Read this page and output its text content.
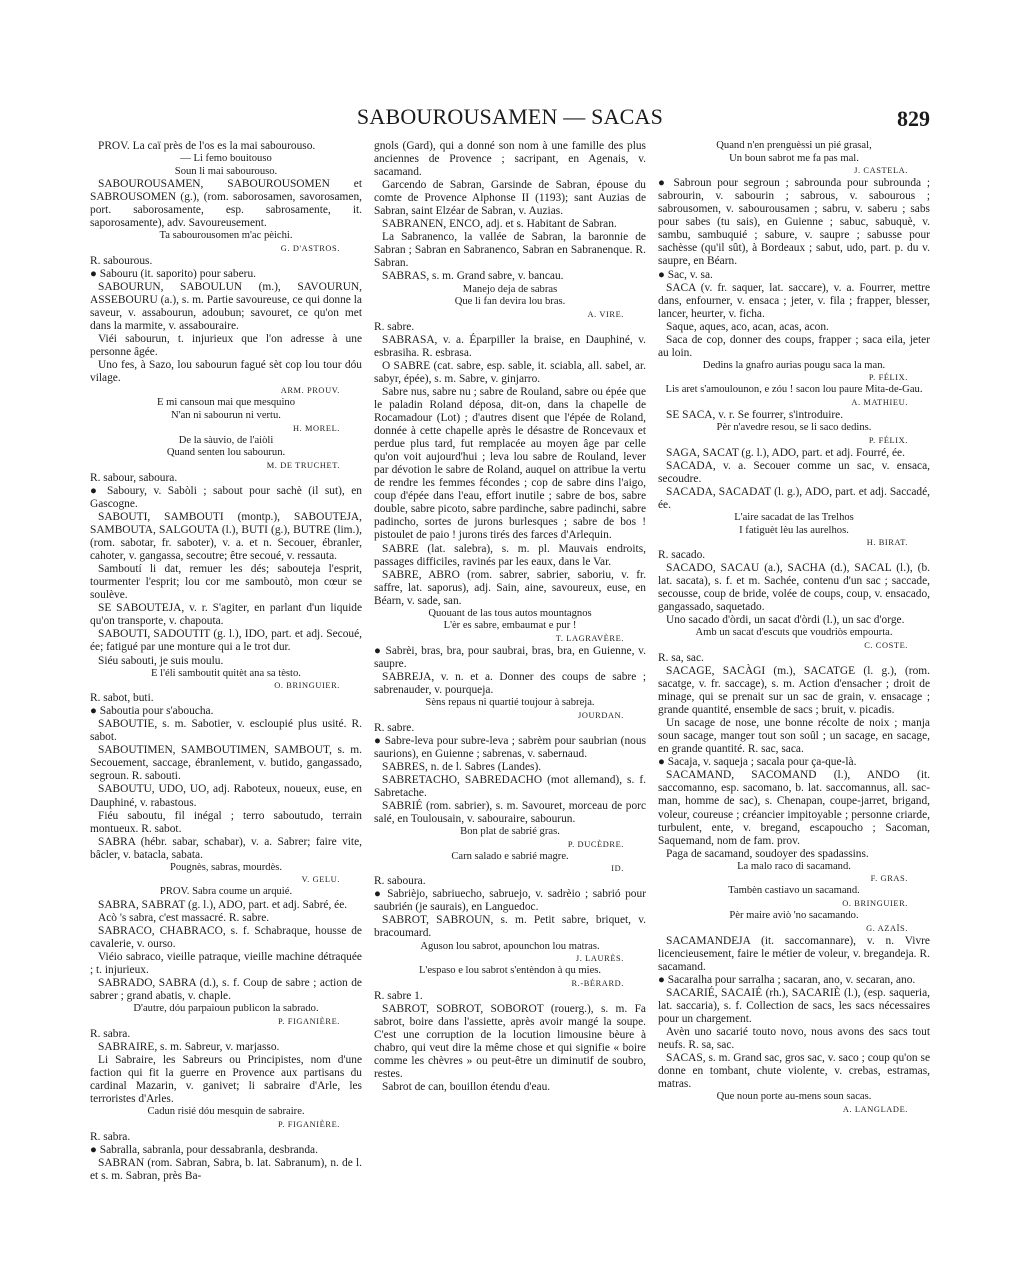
SABOUROUSAMEN — SACAS	829

PROV. La caï près de l'os es la mai sabourouso.

— Li femo bouitouso

Soun li mai sabourouso.

SABOUROUSAMEN, SABOUROUSOMEN et SABROUSOMEN (g.), (rom. saborosamen, savorosamen, port. saborosamente, esp. sabrosamente, it. saporosamente), adv. Savoureusement.

Ta sabourousomen m'ac pèichi.

G. D'ASTROS.

R. sabourous.

● Sabouru (it. saporito) pour saberu.

SABOURUN, SABOULUN (m.), SAVOURUN, ASSEBOURU (a.), s. m. Partie savoureuse, ce qui donne la saveur, v. assabourun, adoubun; savouret, ce qu'on met dans la marmite, v. assabouraire.

Viéi sabourun, t. injurieux que l'on adresse à une personne âgée.

Uno fes, à Sazo, lou sabourun fagué sèt cop lou tour dóu vilage.

ARM. PROUV.

E mi cansoun mai que mesquino

N'an ni sabourun ni vertu.

H. MOREL.

De la sàuvio, de l'aiòli

Quand senten lou sabourun.

M. DE TRUCHET.

R. sabour, saboura.

● Saboury, v. Sabòli ; sabout pour sachè (il sut), en Gascogne.

SABOUTI, SAMBOUTI (montp.), SABOUTEJA, SAMBOUTA, SALGOUTA (l.), BUTI (g.), BUTRE (lim.), (rom. sabotar, fr. saboter), v. a. et n. Secouer, ébranler, cahoter, v. gangassa, secoutre; être secoué, v. ressauta.

Samboutí li dat, remuer les dés; sabouteja l'esprit, tourmenter l'esprit; lou cor me samboutò, mon cœur se soulève.

SE SABOUTEJA, v. r. S'agiter, en parlant d'un liquide qu'on transporte, v. chapouta.

SABOUTI, SADOUTIT (g. l.), IDO, part. et adj. Secoué, ée; fatigué par une monture qui a le trot dur.

Siéu sabouti, je suis moulu.

E l'éli samboutit quitèt ana sa tèsto.

O. BRINGUIER.

R. sabot, buti.

● Saboutia pour s'abouchа.

SABOUTIE, s. m. Sabotier, v. escloupié plus usité. R. sabot.

SABOUTIMEN, SAMBOUTIMEN, SAMBOUT, s. m. Secouement, saccage, ébranlement, v. butido, gangassado, segroun. R. sabouti.

SABOUTU, UDO, UO, adj. Raboteux, noueux, euse, en Dauphiné, v. rabastous.

Fiéu saboutu, fil inégal ; terro saboutudo, terrain montueux. R. sabot.

SABRA (hébr. sabar, schabar), v. a. Sabrer; faire vite, bâcler, v. batacla, sabata.

Pougnès, sabras, mourdès.

V. GELU.

PROV. Sabra coume un arquié.

SABRA, SABRAT (g. l.), ADO, part. et adj. Sabré, ée.

Acò 's sabra, c'est massacré. R. sabre.

SABRACO, CHABRACO, s. f. Schabraque, housse de cavalerie, v. ourso.

Viéio sabraco, vieille patraque, vieille machine détraquée ; t. injurieux.

SABRADO, SABRA (d.), s. f. Coup de sabre ; action de sabrer ; grand abatis, v. chaple.

D'autre, dóu parpaioun publicon la sabrado.

P. FIGANIÈRE.

R. sabra.

SABRAIRE, s. m. Sabreur, v. marjasso.

Li Sabraire, les Sabreurs ou Principistes, nom d'une faction qui fit la guerre en Provence aux partisans du cardinal Mazarin, v. ganivet; li sabraire d'Arle, les terroristes d'Arles.

Cadun risié dóu mesquin de sabraire.

P. FIGANIÈRE.

R. sabra.

● Sabralla, sabranla, pour dessabranla, desbranda.

SABRAN (rom. Sabran, Sabra, b. lat. Sabranum), n. de l. et s. m. Sabran, près Ba-

gnols (Gard), qui a donné son nom à une famille des plus anciennes de Provence ; sacripant, en Agenais, v. sacamand.

Garcendo de Sabran, Garsinde de Sabran, épouse du comte de Provence Alphonse II (1193); sant Auzias de Sabran, saint Elzéar de Sabran, v. Auzias.

SABRANEN, ENCO, adj. et s. Habitant de Sabran.

La Sabranenco, la vallée de Sabran, la baronnie de Sabran ; Sabran en Sabranenco, Sabran en Sabranenque. R. Sabran.

SABRAS, s. m. Grand sabre, v. bancau.

Manejo deja de sabras

Que li fan devira lou bras.

A. VIRE.

R. sabre.

SABRASA, v. a. Éparpiller la braise, en Dauphiné, v. esbrasiha. R. esbrasa.

O SABRE (cat. sabre, esp. sable, it. sciabla, all. sabel, ar. sabyr, épée), s. m. Sabre, v. ginjarro.

Sabre nus, sabre nu ; sabre de Rouland, sabre ou épée que le paladin Roland déposa, dit-on, dans la chapelle de Rocamadour (Lot) ; d'autres disent que l'épée de Roland, donnée à cette chapelle après le désastre de Roncevaux et perdue plus tard, fut remplacée au moyen âge par celle qu'on voit aujourd'hui ; leva lou sabre de Rouland, lever par dévotion le sabre de Roland, auquel on attribue la vertu de rendre les femmes fécondes ; cop de sabre dins l'aigo, coup d'épée dans l'eau, effort inutile ; sabre de bos, sabre double, sabre picoto, sabre pardinche, sabre padinchi, sabre padincho, sortes de jurons burlesques ; sabre de bos ! pistoulet de paio ! jurons tirés des farces d'Arlequin.

SABRE (lat. salebra), s. m. pl. Mauvais endroits, passages difficiles, ravinés par les eaux, dans le Var.

SABRE, ABRO (rom. sabrer, sabrier, saboriu, v. fr. saffre, lat. saporus), adj. Sain, aine, savoureux, euse, en Béarn, v. sade, san.

Quouant de las tous autos mountagnos

L'èr es sabre, embaumat e pur !

T. LAGRAVÈRE.

● Sabrèi, bras, bra, pour saubrai, bras, bra, en Guienne, v. saupre.

SABREJA, v. n. et a. Donner des coups de sabre ; sabrenauder, v. pourqueja.

Sèns repaus ni quartié toujour à sabreja.

JOURDAN.

R. sabre.

● Sabre-leva pour subre-leva ; sabrèm pour saubrian (nous saurions), en Guienne ; sabrenas, v. sabernaud.

SABRES, n. de l. Sabres (Landes).

SABRETACHO, SABREDACHO (mot allemand), s. f. Sabretache.

SABRIÉ (rom. sabrier), s. m. Savouret, morceau de porc salé, en Toulousain, v. sabouraire, sabourun.

Bon plat de sabrié gras.

P. DUCÈDRE.

Carn salado e sabrié magre.

ID.

R. saboura.

● Sabrièjo, sabriuecho, sabruejo, v. sadrèio ; sabrió pour saubrién (je saurais), en Languedoc.

SABROT, SABROUN, s. m. Petit sabre, briquet, v. bracoumard.

Aguson lou sabrot, apounchon lou matras.

J. LAURÈS.

L'espaso e lou sabrot s'entèndon à qu mies.

R.-BÉRARD.

R. sabre 1.

SABROT, SOBROT, SOBOROT (rouerg.), s. m. Fa sabrot, boire dans l'assiette, après avoir mangé la soupe. C'est une corruption de la locution limousine bèure à chabro, qui veut dire la même chose et qui signifie « boire comme les chèvres » ou peut-être un diminutif de soubro, restes.

Sabrot de can, bouillon étendu d'eau.

Quand n'en prenguèssi un pié grasal,

Un boun sabrot me fa pas mal.

J. CASTELA.

● Sabroun pour segroun ; sabrounda pour subrounda ; sabrourin, v. sabourin ; sabrous, v. sabourous ; sabrousomen, v. sabourousamen ; sabru, v. saberu ; sabs pour sabes (tu sais), en Guienne ; sabuc, sabuquè, v. sambu, sambuquié ; sabure, v. saupre ; sabusse pour sachèsse (qu'il sût), à Bordeaux ; sabut, udo, part. p. du v. saupre, en Béarn.

● Sac, v. sa.

SACA (v. fr. saquer, lat. saccare), v. a. Fourrer, mettre dans, enfourner, v. ensaca ; jeter, v. fila ; frapper, blesser, lancer, heurter, v. ficha.

Saque, aques, aco, acan, acas, acon.

Saca de cop, donner des coups, frapper ; saca eila, jeter au loin.

Dedins la gnafro aurias pougu saca la man.

P. FÉLIX.

Lis aret s'amoulounon, e zóu ! sacon lou paure Mita-de-Gau.

A. MATHIEU.

SE SACA, v. r. Se fourrer, s'introduire.

Pèr n'avedre resou, se li saco dedins.

P. FÉLIX.

SAGA, SACAT (g. l.), ADO, part. et adj. Fourré, ée.

SACADA, v. a. Secouer comme un sac, v. ensaca, secoudre.

SACADA, SACADAT (l. g.), ADO, part. et adj. Saccadé, ée.

L'aire sacadat de las Trelhos

I fatiguèt lèu las aurelhos.

H. BIRAT.

R. sacado.

SACADO, SACAU (a.), SACHA (d.), SACAL (l.), (b. lat. sacata), s. f. et m. Sachée, contenu d'un sac ; saccade, secousse, coup de bride, volée de coups, coup, v. ensacado, gangassado, saquetado.

Uno sacado d'òrdi, un sacat d'òrdi (l.), un sac d'orge.

Amb un sacat d'escuts que voudriòs empourta.

C. COSTE.

R. sa, sac.

SACAGE, SACÀGI (m.), SACATGE (l. g.), (rom. sacatge, v. fr. saccage), s. m. Action d'ensacher ; droit de minage, qui se prenait sur un sac de grain, v. ensacage ; grande quantité, ensemble de sacs ; bruit, v. picadis.

Un sacage de nose, une bonne récolte de noix ; manja soun sacage, manger tout son soûl ; un sacage, en sacage, en grande quantité. R. sac, saca.

● Sacaja, v. saqueja ; sacala pour ça-que-là.

SACAMAND, SACOMAND (l.), ANDO (it. saccomanno, esp. sacomano, b. lat. saccomannus, all. sac-man, homme de sac), s. Chenapan, coupe-jarret, brigand, voleur, coureuse ; créancier impitoyable ; personne criarde, turbulent, ente, v. bregand, escapoucho ; Sacoman, Saquemand, nom de fam. prov.

Paga de sacamand, soudoyer des spadassins.

La malo raco di sacamand.

F. GRAS.

Tambèn castiavo un sacamand.

O. BRINGUIER.

Pèr maire aviò 'no sacamando.

G. AZAÏS.

SACAMANDEJA (it. saccomannare), v. n. Vivre licencieusement, faire le métier de voleur, v. bregandeja. R. sacamand.

● Sacaralha pour sarralha ; sacaran, ano, v. secaran, ano.

SACARIÉ, SACAIÉ (rh.), SACARIÈ (l.), (esp. saqueria, lat. saccaria), s. f. Collection de sacs, les sacs nécessaires pour un chargement.

Avèn uno sacarié touto novo, nous avons des sacs tout neufs. R. sa, sac.

SACAS, s. m. Grand sac, gros sac, v. saco ; coup qu'on se donne en tombant, chute violente, v. crebas, estramas, matras.

Que noun porte au-mens soun sacas.

A. LANGLADE.
